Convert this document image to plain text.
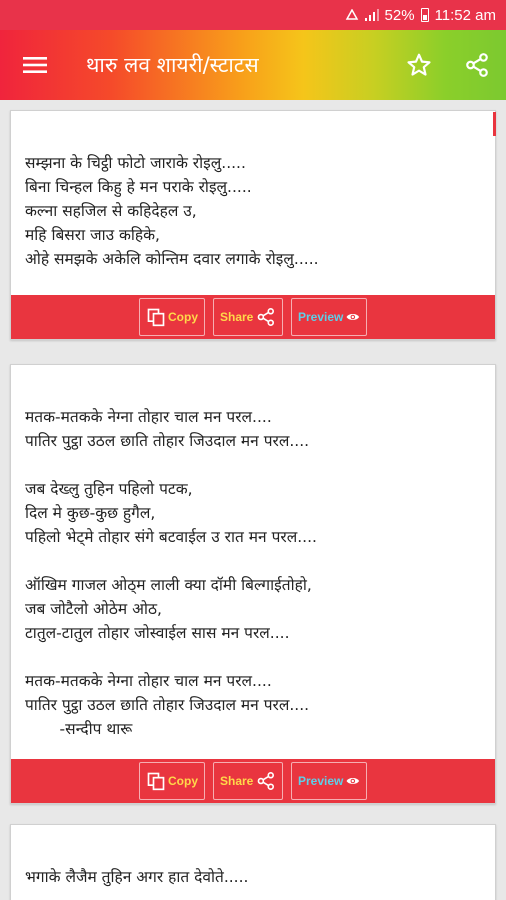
52% 11:52 am
थारु लव शायरी/स्टाटस
सम्झना के चिट्ठी फोटो जाराके रोइलु.....
बिना चिन्हल किहु हे मन पराके रोइलु.....
कल्ना सहजिल से कहिदेहल उ,
महि बिसरा जाउ कहिके,
ओहे समझके अकेलि कोन्तिम दवार लगाके रोइलु.....
Copy Share	Preview
मतक-मतकके नेग्ना तोहार चाल मन परल....
पातिर पुट्ठा उठल छाति तोहार जिउदाल मन परल....

जब देख्लु तुहिन पहिलो पटक,
दिल मे कुछ-कुछ हुगैल,
पहिलो भेट्मे तोहार संगे बटवाईल उ रात मन परल....

ऑखिम गाजल ओठ्म लाली क्या दॉमी बिल्गाईतोहो,
जब जोटैलो ओठेम ओठ,
टातुल-टातुल तोहार जोस्वाईल सास मन परल....

मतक-मतकके नेग्ना तोहार चाल मन परल....
पातिर पुट्ठा उठल छाति तोहार जिउदाल मन परल....
-सन्दीप थारू
Copy Share	Preview
भगाके लैजैम तुहिन अगर हात देवोते.....
